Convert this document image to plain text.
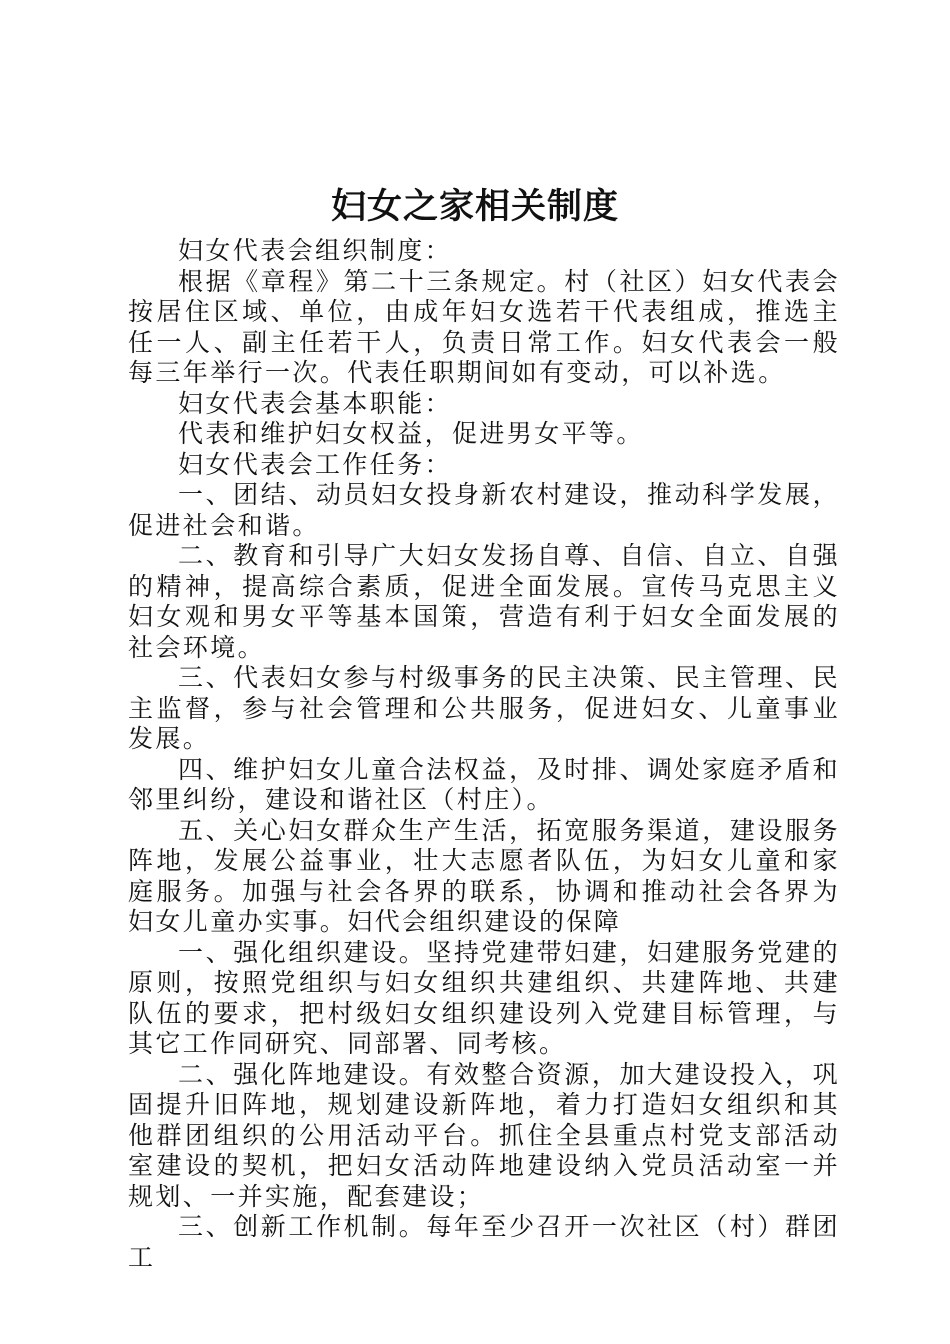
妇女之家相关制度

妇女代表会组织制度：

根据《章程》第二十三条规定。村（社区）妇女代表会按居住区域、单位，由成年妇女选若干代表组成，推选主任一人、副主任若干人，负责日常工作。妇女代表会一般每三年举行一次。代表任职期间如有变动，可以补选。

妇女代表会基本职能：

代表和维护妇女权益，促进男女平等。

妇女代表会工作任务：

一、团结、动员妇女投身新农村建设，推动科学发展，促进社会和谐。

二、教育和引导广大妇女发扬自尊、自信、自立、自强的精神，提高综合素质，促进全面发展。宣传马克思主义妇女观和男女平等基本国策，营造有利于妇女全面发展的社会环境。

三、代表妇女参与村级事务的民主决策、民主管理、民主监督，参与社会管理和公共服务，促进妇女、儿童事业发展。

四、维护妇女儿童合法权益，及时排、调处家庭矛盾和邻里纠纷，建设和谐社区（村庄）。

五、关心妇女群众生产生活，拓宽服务渠道，建设服务阵地，发展公益事业，壮大志愿者队伍，为妇女儿童和家庭服务。加强与社会各界的联系，协调和推动社会各界为妇女儿童办实事。妇代会组织建设的保障

一、强化组织建设。坚持党建带妇建，妇建服务党建的原则，按照党组织与妇女组织共建组织、共建阵地、共建队伍的要求，把村级妇女组织建设列入党建目标管理，与其它工作同研究、同部署、同考核。

二、强化阵地建设。有效整合资源，加大建设投入，巩固提升旧阵地，规划建设新阵地，着力打造妇女组织和其他群团组织的公用活动平台。抓住全县重点村党支部活动室建设的契机，把妇女活动阵地建设纳入党员活动室一并规划、一并实施，配套建设；

三、创新工作机制。每年至少召开一次社区（村）群团工
